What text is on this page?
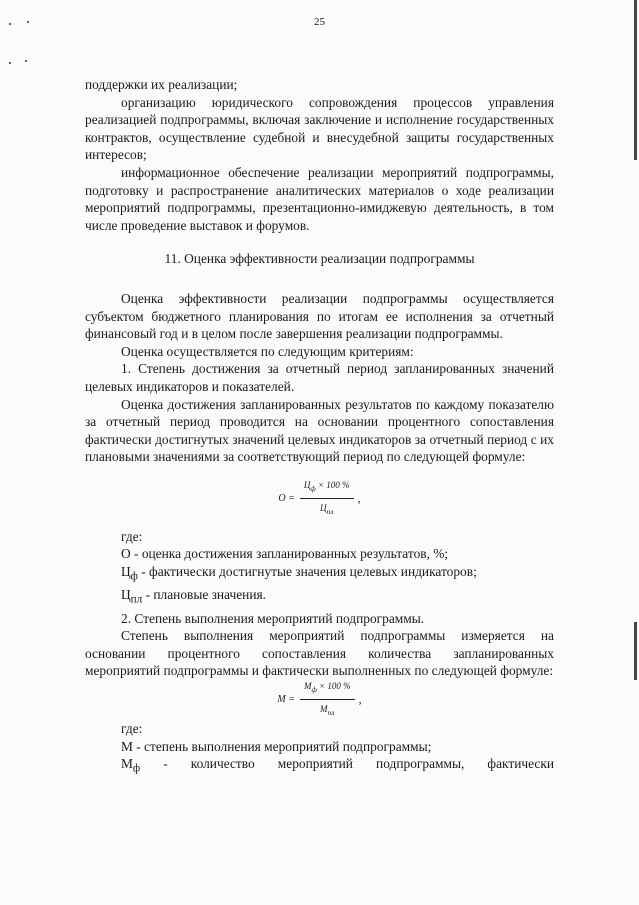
25

поддержки их реализации;

организацию юридического сопровождения процессов управления реализацией подпрограммы, включая заключение и исполнение государственных контрактов, осуществление судебной и внесудебной защиты государственных интересов;

информационное обеспечение реализации мероприятий подпрограммы, подготовку и распространение аналитических материалов о ходе реализации мероприятий подпрограммы, презентационно-имиджевую деятельность, в том числе проведение выставок и форумов.

11. Оценка эффективности реализации подпрограммы

Оценка эффективности реализации подпрограммы осуществляется субъектом бюджетного планирования по итогам ее исполнения за отчетный финансовый год и в целом после завершения реализации подпрограммы.

Оценка осуществляется по следующим критериям:

1. Степень достижения за отчетный период запланированных значений целевых индикаторов и показателей.

Оценка достижения запланированных результатов по каждому показателю за отчетный период проводится на основании процентного сопоставления фактически достигнутых значений целевых индикаторов за отчетный период с их плановыми значениями за соответствующий период по следующей формуле:

$О = \frac{Ц_ф \times 100 \%}{Ц_{пл}}$ ,

где:

О - оценка достижения запланированных результатов, %;

$Ц_ф$ - фактически достигнутые значения целевых индикаторов;

$Ц_{пл}$ - плановые значения.

2. Степень выполнения мероприятий подпрограммы.

Степень выполнения мероприятий подпрограммы измеряется на основании процентного сопоставления количества запланированных мероприятий подпрограммы и фактически выполненных по следующей формуле:

$М = \frac{М_ф \times 100 \%}{М_{пл}}$ ,

где:

М - степень выполнения мероприятий подпрограммы;

$М_ф$ - количество мероприятий подпрограммы, фактически
